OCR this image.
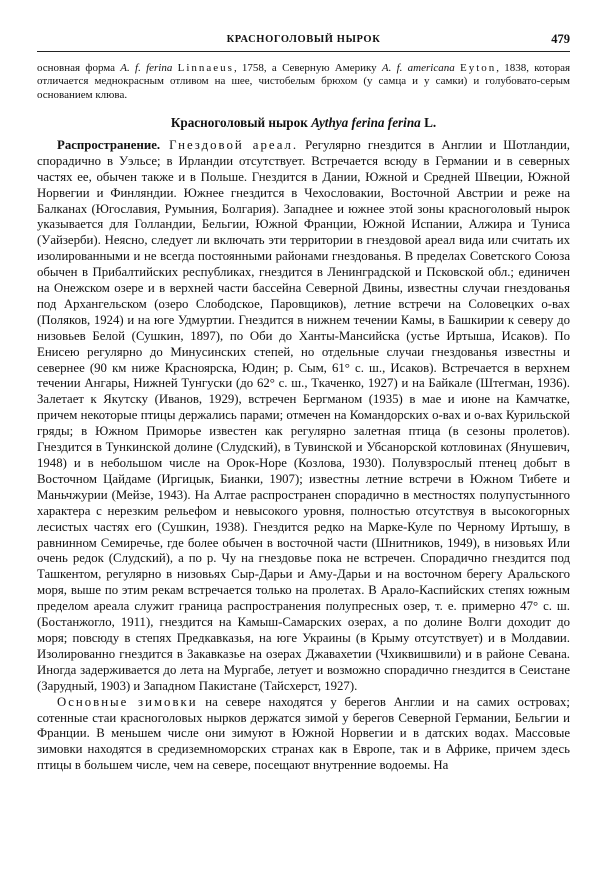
КРАСНОГОЛОВЫЙ НЫРОК	479
основная форма A. f. ferina Linnaeus, 1758, а Северную Америку A. f. americana Eyton, 1838, которая отличается меднокрасным отливом на шее, чистобелым брюхом (у самца и у самки) и голубовато-серым основанием клюва.
Красноголовый нырок Aythya ferina ferina L.

Распространение. Гнездовой ареал. Регулярно гнездится в Англии и Шотландии, спорадично в Уэльсе; в Ирландии отсутствует. Встречается всюду в Германии и в северных частях ее, обычен также и в Польше. Гнездится в Дании, Южной и Средней Швеции, Южной Норвегии и Финляндии. Южнее гнездится в Чехословакии, Восточной Австрии и реже на Балканах (Югославия, Румыния, Болгария). Западнее и южнее этой зоны красноголовый нырок указывается для Голландии, Бельгии, Южной Франции, Южной Испании, Алжира и Туниса (Уайзерби). Неясно, следует ли включать эти территории в гнездовой ареал вида или считать их изолированными и не всегда постоянными районами гнездованья. В пределах Советского Союза обычен в Прибалтийских республиках, гнездится в Ленинградской и Псковской обл.; единичен на Онежском озере и в верхней части бассейна Северной Двины, известны случаи гнездованья под Архангельском (озеро Слободское, Паровщиков), летние встречи на Соловецких о-вах (Поляков, 1924) и на юге Удмуртии. Гнездится в нижнем течении Камы, в Башкирии к северу до низовьев Белой (Сушкин, 1897), по Оби до Ханты-Мансийска (устье Иртыша, Исаков). По Енисею регулярно до Минусинских степей, но отдельные случаи гнездованья известны и севернее (90 км ниже Красноярска, Юдин; р. Сым, 61° с. ш., Исаков). Встречается в верхнем течении Ангары, Нижней Тунгуски (до 62° с. ш., Ткаченко, 1927) и на Байкале (Штегман, 1936). Залетает к Якутску (Иванов, 1929), встречен Бергманом (1935) в мае и июне на Камчатке, причем некоторые птицы держались парами; отмечен на Командорских о-вах и о-вах Курильской гряды; в Южном Приморье известен как регулярно залетная птица (в сезоны пролетов). Гнездится в Тункинской долине (Слудский), в Тувинской и Убсанорской котловинах (Янушевич, 1948) и в небольшом числе на Орок-Норе (Козлова, 1930). Полувзрослый птенец добыт в Восточном Цайдаме (Иргицык, Бианки, 1907); известны летние встречи в Южном Тибете и Маньчжурии (Мейзе, 1943). На Алтае распространен спорадично в местностях полупустынного характера с нерезким рельефом и невысокого уровня, полностью отсутствуя в высокогорных лесистых частях его (Сушкин, 1938). Гнездится редко на Марке-Куле по Черному Иртышу, в равнинном Семиречье, где более обычен в восточной части (Шнитников, 1949), в низовьях Или очень редок (Слудский), а по р. Чу на гнездовье пока не встречен. Спорадично гнездится под Ташкентом, регулярно в низовьях Сыр-Дарьи и Аму-Дарьи и на восточном берегу Аральского моря, выше по этим рекам встречается только на пролетах. В Арало-Каспийских степях южным пределом ареала служит граница распространения полупресных озер, т. е. примерно 47° с. ш. (Бостанжогло, 1911), гнездится на Камыш-Самарских озерах, а по долине Волги доходит до моря; повсюду в степях Предкавказья, на юге Украины (в Крыму отсутствует) и в Молдавии. Изолированно гнездится в Закавказье на озерах Джавахетии (Чхиквишвили) и в районе Севана. Иногда задерживается до лета на Мургабе, летует и возможно спорадично гнездится в Сеистане (Зарудный, 1903) и Западном Пакистане (Тайсхерст, 1927).

Основные зимовки на севере находятся у берегов Англии и на самих островах; сотенные стаи красноголовых нырков держатся зимой у берегов Северной Германии, Бельгии и Франции. В меньшем числе они зимуют в Южной Норвегии и в датских водах. Массовые зимовки находятся в средиземноморских странах как в Европе, так и в Африке, причем здесь птицы в большем числе, чем на севере, посещают внутренние водоемы. На
